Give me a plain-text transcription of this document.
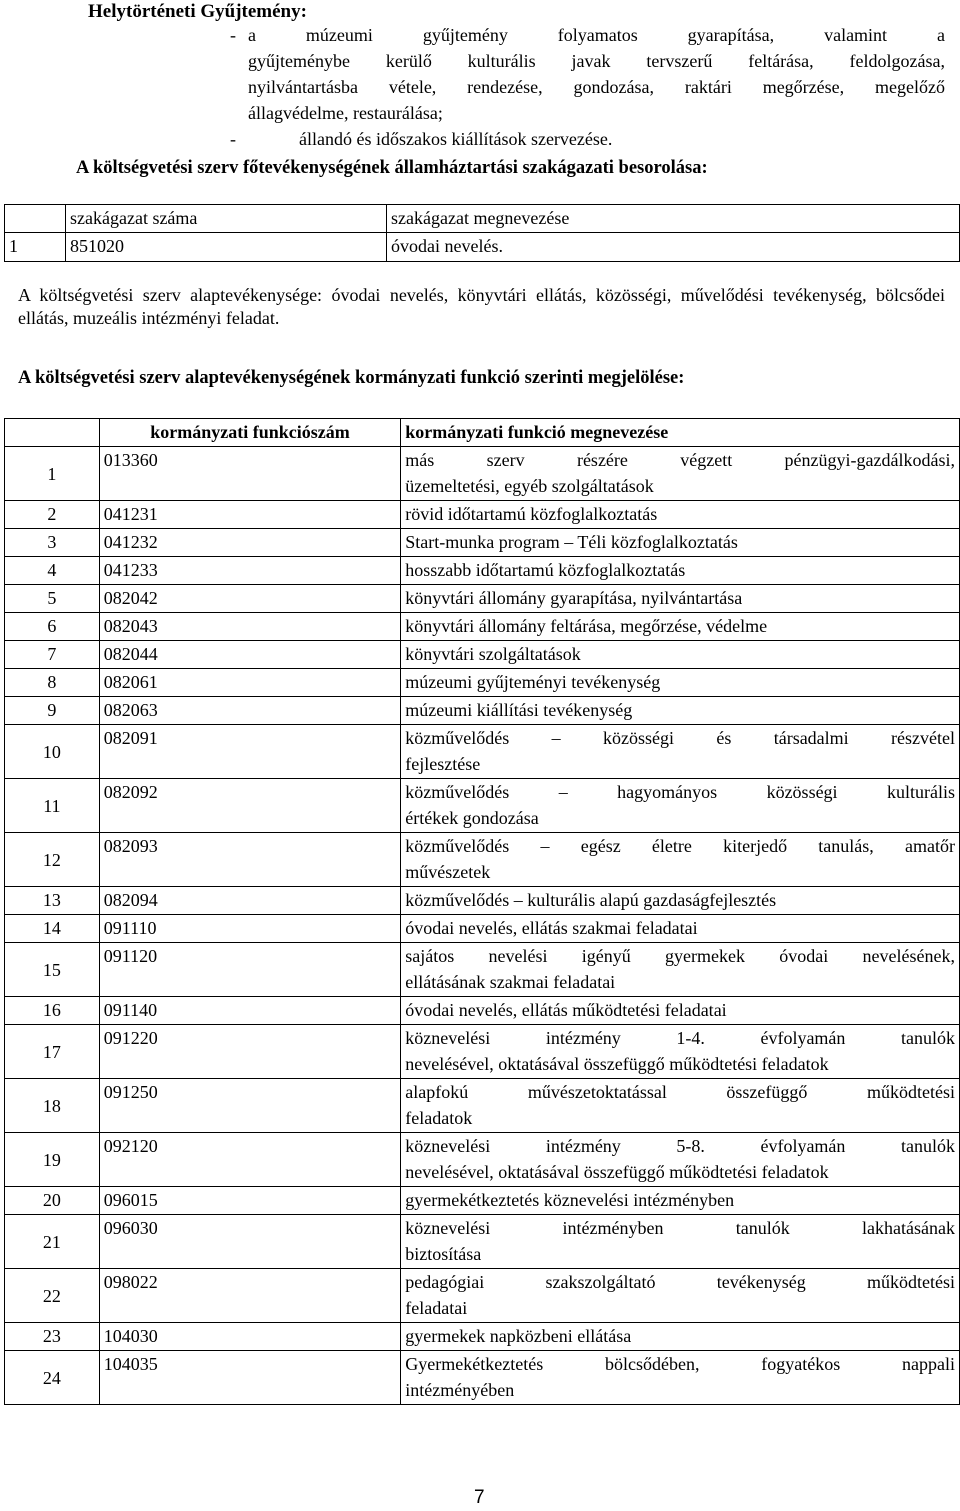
Helytörténeti Gyűjtemény:
- a múzeumi gyűjtemény folyamatos gyarapítása, valamint a
gyűjteménybe kerülő kulturális javak tervszerű feltárása, feldolgozása,
nyilvántartásba vétele, rendezése, gondozása, raktári megőrzése, megelőző
állagvédelme, restaurálása;
-	állandó és időszakos kiállítások szervezése.
A költségvetési szerv főtevékenységének államháztartási szakágazati besorolása:
	szakágazat száma	szakágazat megnevezése
1	851020	óvodai nevelés.
A költségvetési szerv alaptevékenysége: óvodai nevelés, könyvtári ellátás, közösségi, művelődési tevékenység, bölcsődei ellátás, muzeális intézményi feladat.
A költségvetési szerv alaptevékenységének kormányzati funkció szerinti megjelölése:
	kormányzati funkciószám	kormányzati funkció megnevezése
1	013360	más szerv részére végzett pénzügyi-gazdálkodási,
üzemeltetési, egyéb szolgáltatások
2	041231	rövid időtartamú közfoglalkoztatás
3	041232	Start-munka program – Téli közfoglalkoztatás
4	041233	hosszabb időtartamú közfoglalkoztatás
5	082042	könyvtári állomány gyarapítása, nyilvántartása
6	082043	könyvtári állomány feltárása, megőrzése, védelme
7	082044	könyvtári szolgáltatások
8	082061	múzeumi gyűjteményi tevékenység
9	082063	múzeumi kiállítási tevékenység
10	082091	közművelődés – közösségi és társadalmi részvétel
fejlesztése
11	082092	közművelődés – hagyományos közösségi kulturális
értékek gondozása
12	082093	közművelődés – egész életre kiterjedő tanulás, amatőr
művészetek
13	082094	közművelődés – kulturális alapú gazdaságfejlesztés
14	091110	óvodai nevelés, ellátás szakmai feladatai
15	091120	sajátos nevelési igényű gyermekek óvodai nevelésének,
ellátásának szakmai feladatai
16	091140	óvodai nevelés, ellátás működtetési feladatai
17	091220	köznevelési intézmény 1-4. évfolyamán tanulók
nevelésével, oktatásával összefüggő működtetési feladatok
18	091250	alapfokú művészetoktatással összefüggő működtetési
feladatok
19	092120	köznevelési intézmény 5-8. évfolyamán tanulók
nevelésével, oktatásával összefüggő működtetési feladatok
20	096015	gyermekétkeztetés köznevelési intézményben
21	096030	köznevelési intézményben tanulók lakhatásának
biztosítása
22	098022	pedagógiai szakszolgáltató tevékenység működtetési
feladatai
23	104030	gyermekek napközbeni ellátása
24	104035	Gyermekétkeztetés bölcsődében, fogyatékos nappali
intézményében
7
